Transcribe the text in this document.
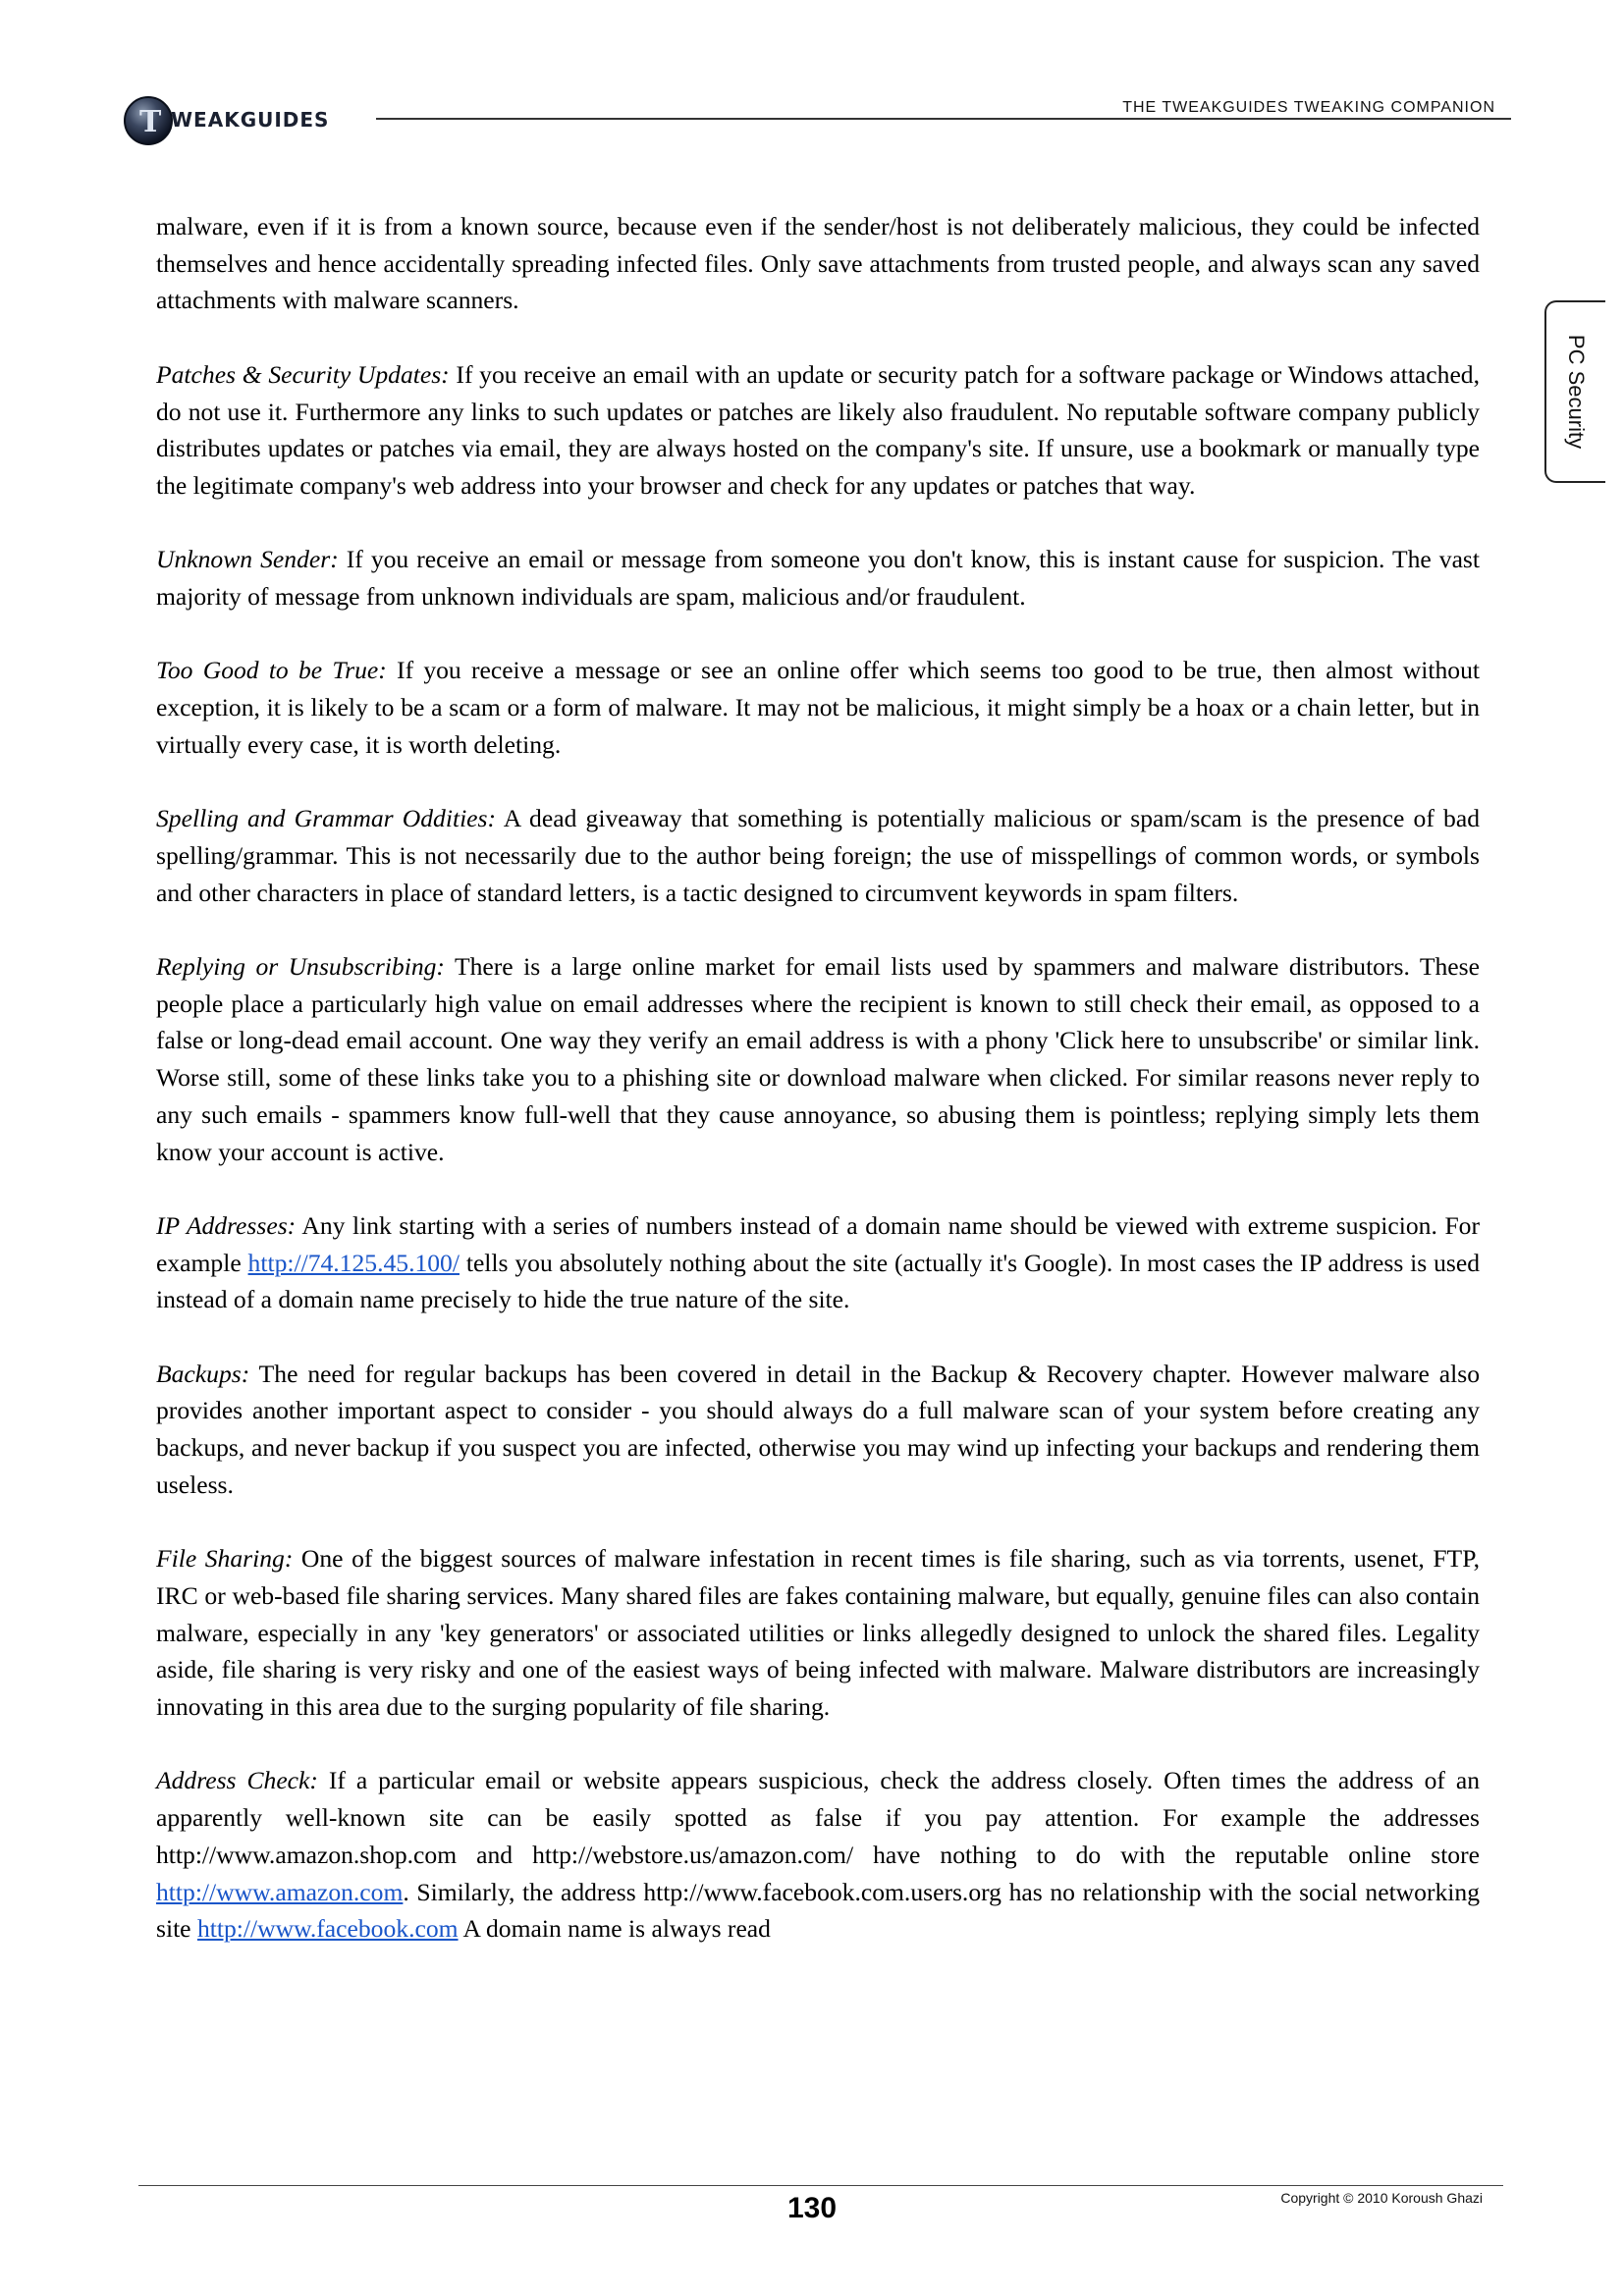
T WEAKGUIDES
THE TWEAKGUIDES TWEAKING COMPANION
PC Security

malware, even if it is from a known source, because even if the sender/host is not deliberately malicious, they could be infected themselves and hence accidentally spreading infected files. Only save attachments from trusted people, and always scan any saved attachments with malware scanners.

Patches & Security Updates: If you receive an email with an update or security patch for a software package or Windows attached, do not use it. Furthermore any links to such updates or patches are likely also fraudulent. No reputable software company publicly distributes updates or patches via email, they are always hosted on the company's site. If unsure, use a bookmark or manually type the legitimate company's web address into your browser and check for any updates or patches that way.

Unknown Sender: If you receive an email or message from someone you don't know, this is instant cause for suspicion. The vast majority of message from unknown individuals are spam, malicious and/or fraudulent.

Too Good to be True: If you receive a message or see an online offer which seems too good to be true, then almost without exception, it is likely to be a scam or a form of malware. It may not be malicious, it might simply be a hoax or a chain letter, but in virtually every case, it is worth deleting.

Spelling and Grammar Oddities: A dead giveaway that something is potentially malicious or spam/scam is the presence of bad spelling/grammar. This is not necessarily due to the author being foreign; the use of misspellings of common words, or symbols and other characters in place of standard letters, is a tactic designed to circumvent keywords in spam filters.

Replying or Unsubscribing: There is a large online market for email lists used by spammers and malware distributors. These people place a particularly high value on email addresses where the recipient is known to still check their email, as opposed to a false or long-dead email account. One way they verify an email address is with a phony 'Click here to unsubscribe' or similar link. Worse still, some of these links take you to a phishing site or download malware when clicked. For similar reasons never reply to any such emails - spammers know full-well that they cause annoyance, so abusing them is pointless; replying simply lets them know your account is active.

IP Addresses: Any link starting with a series of numbers instead of a domain name should be viewed with extreme suspicion. For example http://74.125.45.100/ tells you absolutely nothing about the site (actually it's Google). In most cases the IP address is used instead of a domain name precisely to hide the true nature of the site.

Backups: The need for regular backups has been covered in detail in the Backup & Recovery chapter. However malware also provides another important aspect to consider - you should always do a full malware scan of your system before creating any backups, and never backup if you suspect you are infected, otherwise you may wind up infecting your backups and rendering them useless.

File Sharing: One of the biggest sources of malware infestation in recent times is file sharing, such as via torrents, usenet, FTP, IRC or web-based file sharing services. Many shared files are fakes containing malware, but equally, genuine files can also contain malware, especially in any 'key generators' or associated utilities or links allegedly designed to unlock the shared files. Legality aside, file sharing is very risky and one of the easiest ways of being infected with malware. Malware distributors are increasingly innovating in this area due to the surging popularity of file sharing.

Address Check: If a particular email or website appears suspicious, check the address closely. Often times the address of an apparently well-known site can be easily spotted as false if you pay attention. For example the addresses http://www.amazon.shop.com and http://webstore.us/amazon.com/ have nothing to do with the reputable online store http://www.amazon.com. Similarly, the address http://www.facebook.com.users.org has no relationship with the social networking site http://www.facebook.com A domain name is always read

Copyright © 2010 Koroush Ghazi
130
